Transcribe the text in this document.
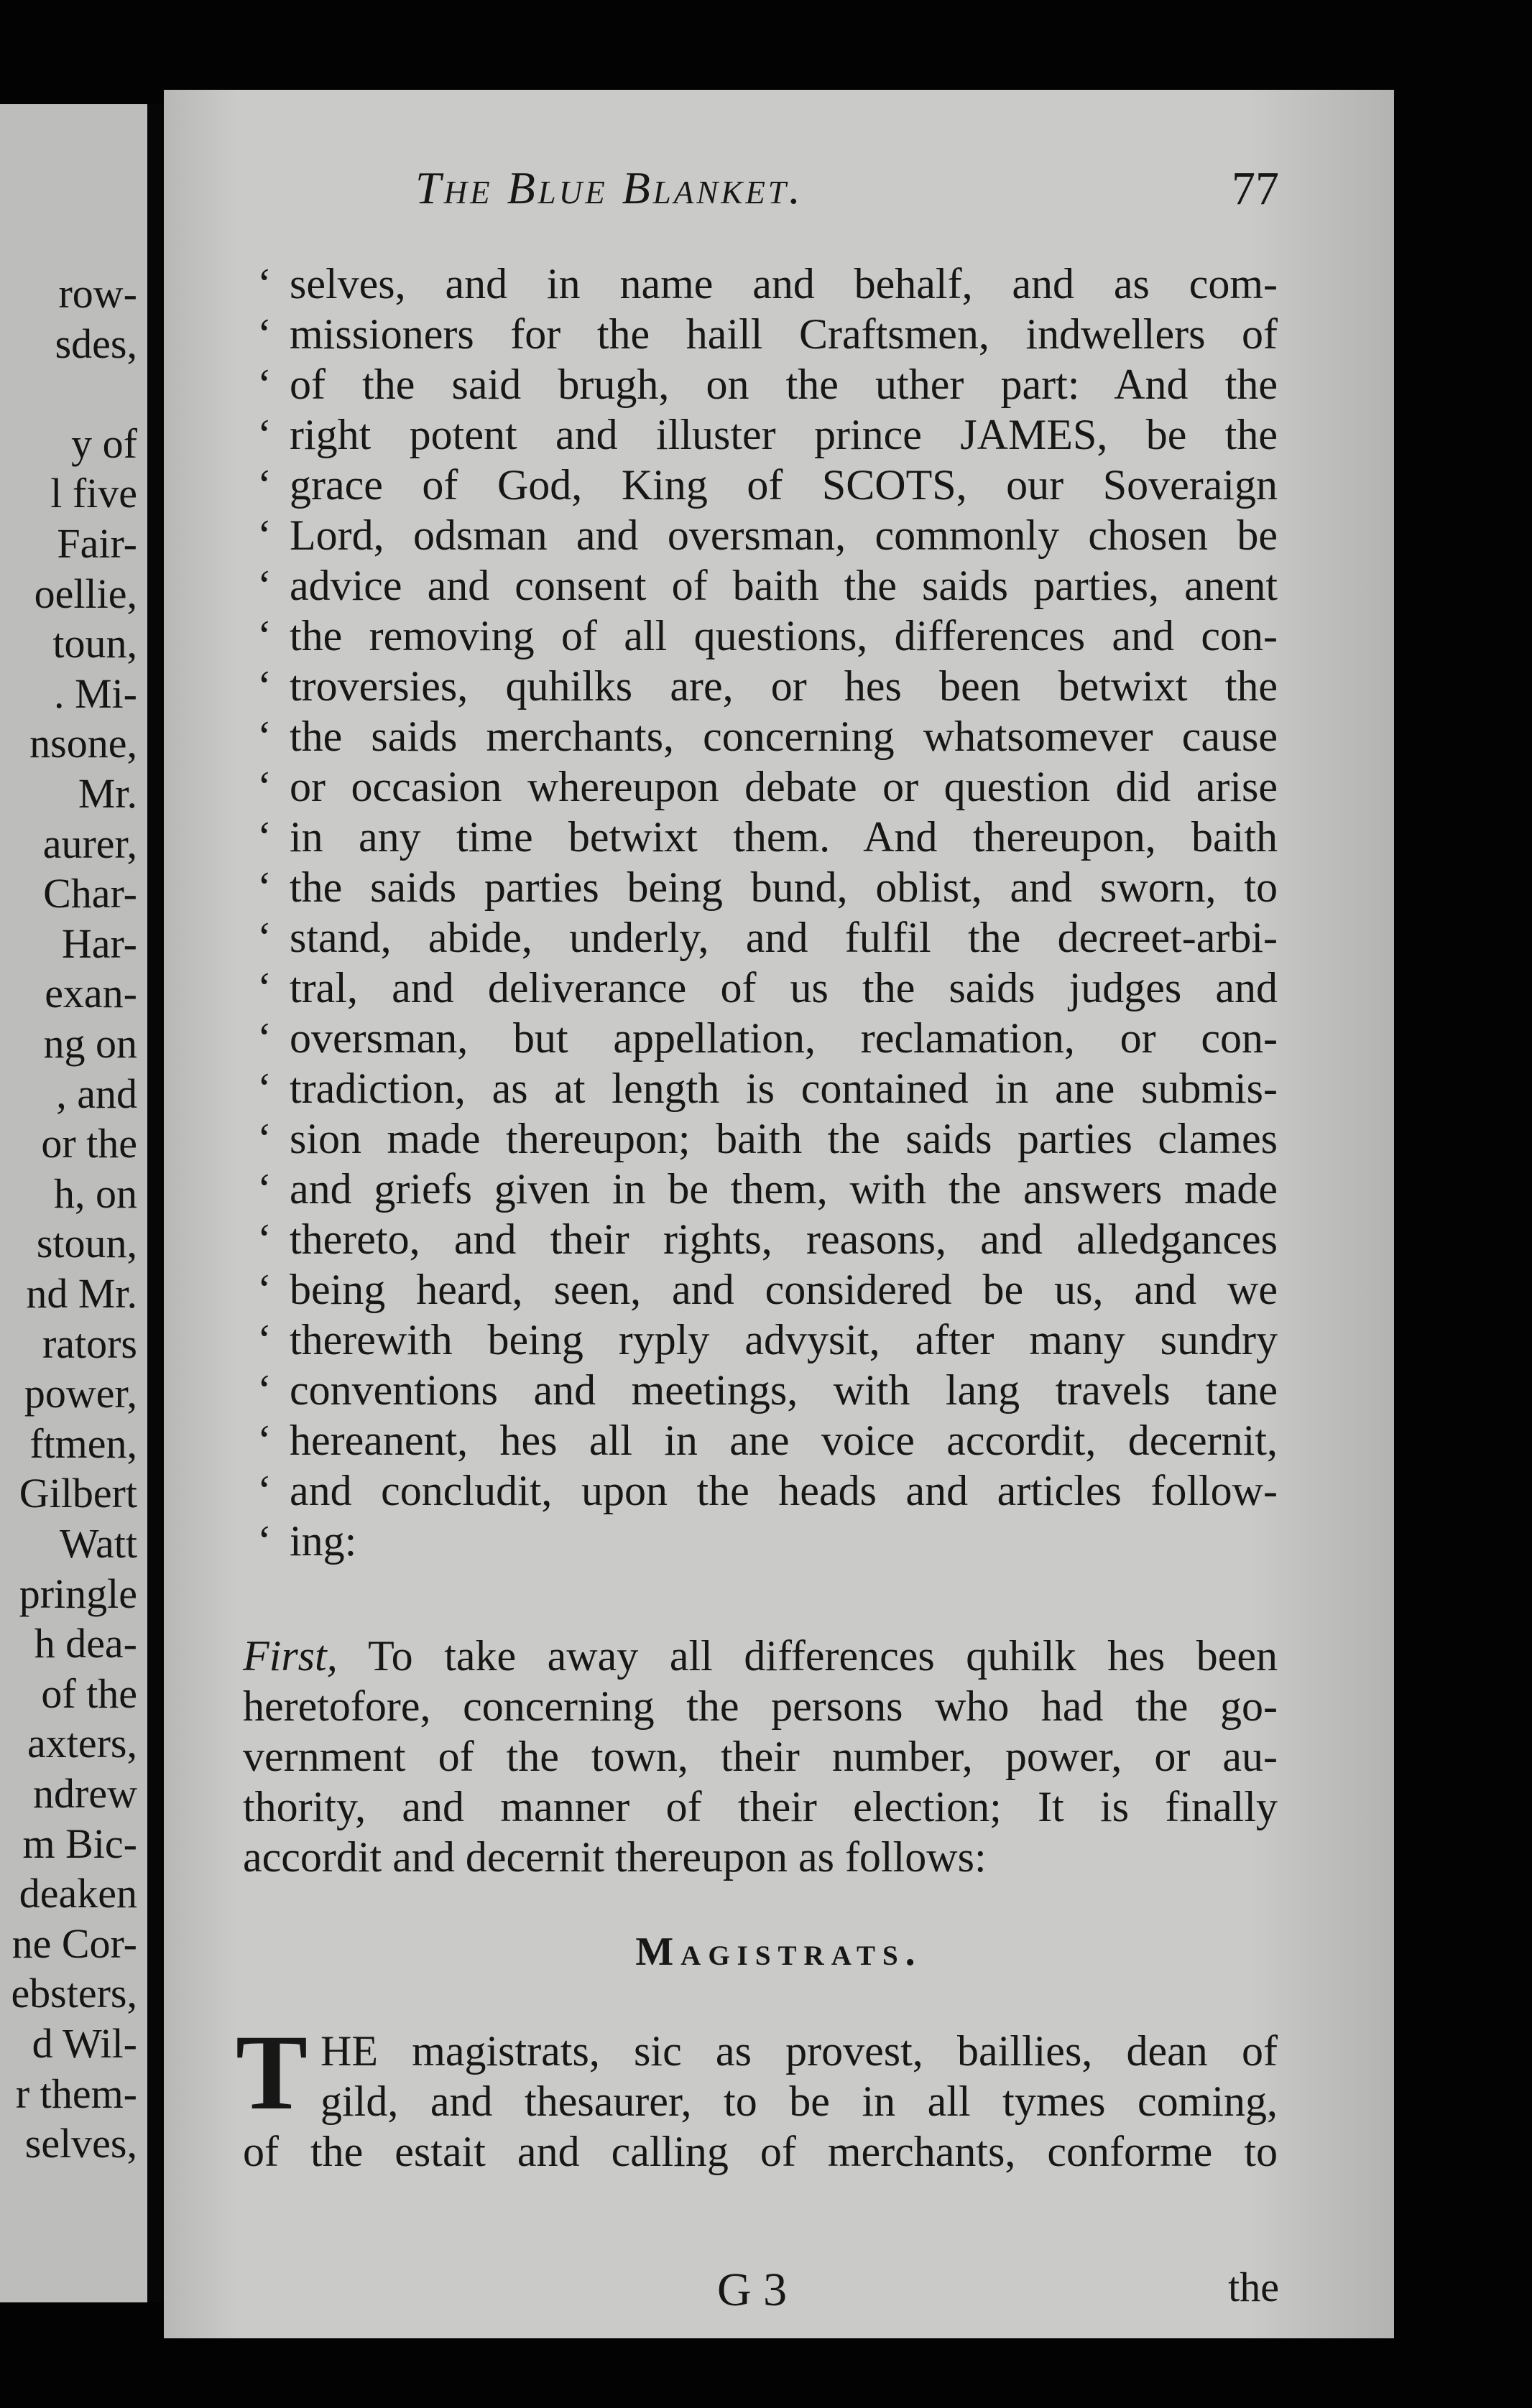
row-
sdes,
y of
l five
Fair-
oellie,
toun,
. Mi-
nsone,
Mr.
aurer,
Char-
Har-
exan-
ng on
, and
or the
h, on
stoun,
nd Mr.
rators
power,
ftmen,
Gilbert
Watt
pringle
h dea-
of the
axters,
ndrew
m Bic-
deaken
ne Cor-
ebsters,
d Wil-
r them-
selves,
The Blue Blanket.	77
‘ selves, and in name and behalf, and as com-
‘ missioners for the haill Craftsmen, indwellers of
‘ of the said brugh, on the uther part: And the
‘ right potent and illuster prince JAMES, be the
‘ grace of God, King of SCOTS, our Soveraign
‘ Lord, odsman and oversman, commonly chosen be
‘ advice and consent of baith the saids parties, anent
‘ the removing of all questions, differences and con-
‘ troversies, quhilks are, or hes been betwixt the
‘ the saids merchants, concerning whatsomever cause
‘ or occasion whereupon debate or question did arise
‘ in any time betwixt them. And thereupon, baith
‘ the saids parties being bund, oblist, and sworn, to
‘ stand, abide, underly, and fulfil the decreet-arbi-
‘ tral, and deliverance of us the saids judges and
‘ oversman, but appellation, reclamation, or con-
‘ tradiction, as at length is contained in ane submis-
‘ sion made thereupon; baith the saids parties clames
‘ and griefs given in be them, with the answers made
‘ thereto, and their rights, reasons, and alledgances
‘ being heard, seen, and considered be us, and we
‘ therewith being ryply advysit, after many sundry
‘ conventions and meetings, with lang travels tane
‘ hereanent, hes all in ane voice accordit, decernit,
‘ and concludit, upon the heads and articles follow-
‘ ing:
First, To take away all differences quhilk hes been
heretofore, concerning the persons who had the go-
vernment of the town, their number, power, or au-
thority, and manner of their election; It is finally
accordit and decernit thereupon as follows:
Magistrats.
T HE magistrats, sic as provest, baillies, dean of
gild, and thesaurer, to be in all tymes coming,
of the estait and calling of merchants, conforme to
G 3	the
